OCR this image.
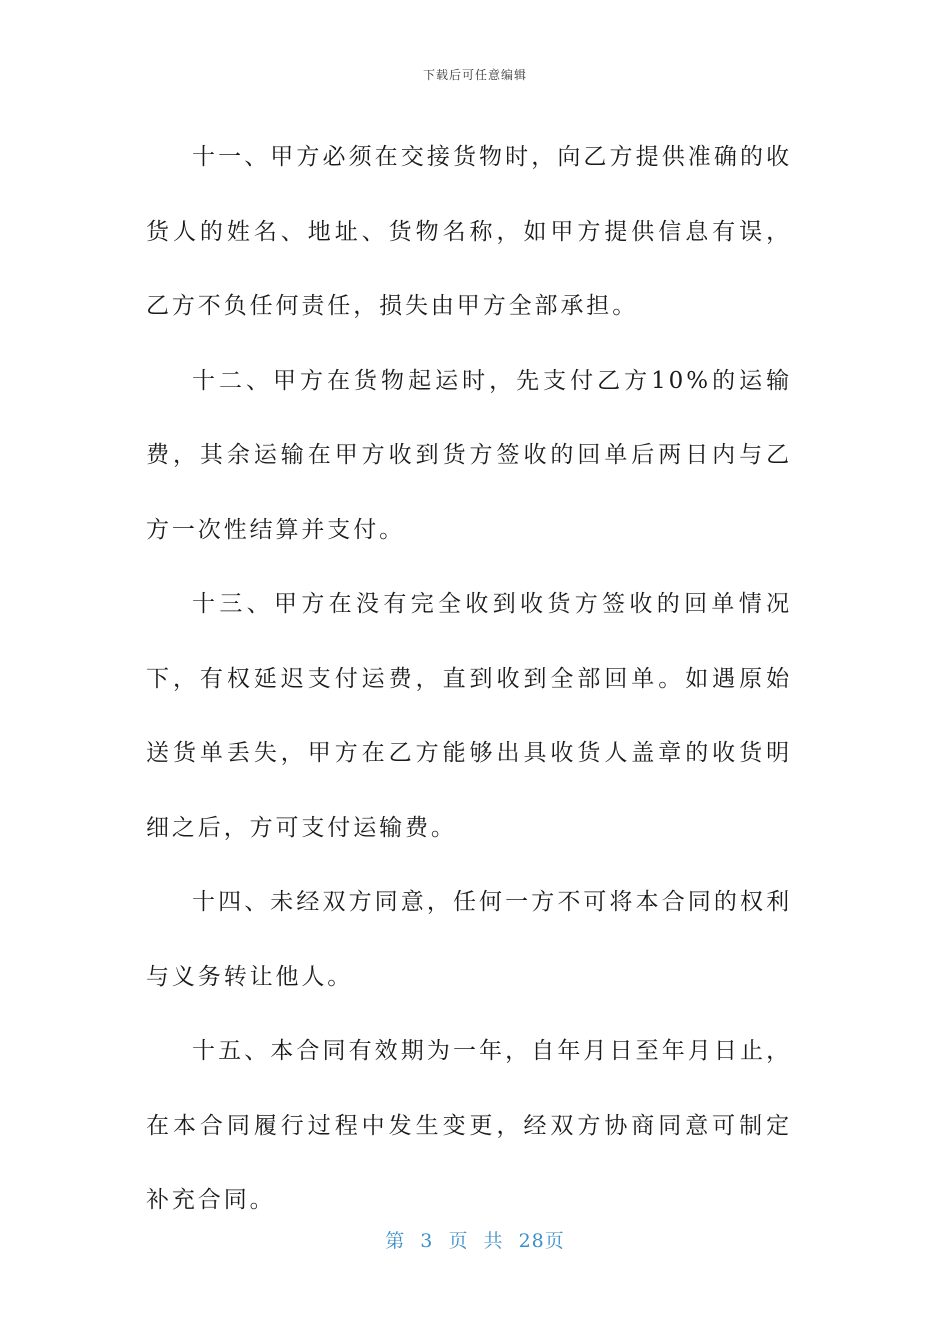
下载后可任意编辑

十一、甲方必须在交接货物时，向乙方提供准确的收货人的姓名、地址、货物名称，如甲方提供信息有误，乙方不负任何责任，损失由甲方全部承担。

十二、甲方在货物起运时，先支付乙方10%的运输费，其余运输在甲方收到货方签收的回单后两日内与乙方一次性结算并支付。

十三、甲方在没有完全收到收货方签收的回单情况下，有权延迟支付运费，直到收到全部回单。如遇原始送货单丢失，甲方在乙方能够出具收货人盖章的收货明细之后，方可支付运输费。

十四、未经双方同意，任何一方不可将本合同的权利与义务转让他人。

十五、本合同有效期为一年，自年月日至年月日止，在本合同履行过程中发生变更，经双方协商同意可制定补充合同。

第 3 页 共 28页
